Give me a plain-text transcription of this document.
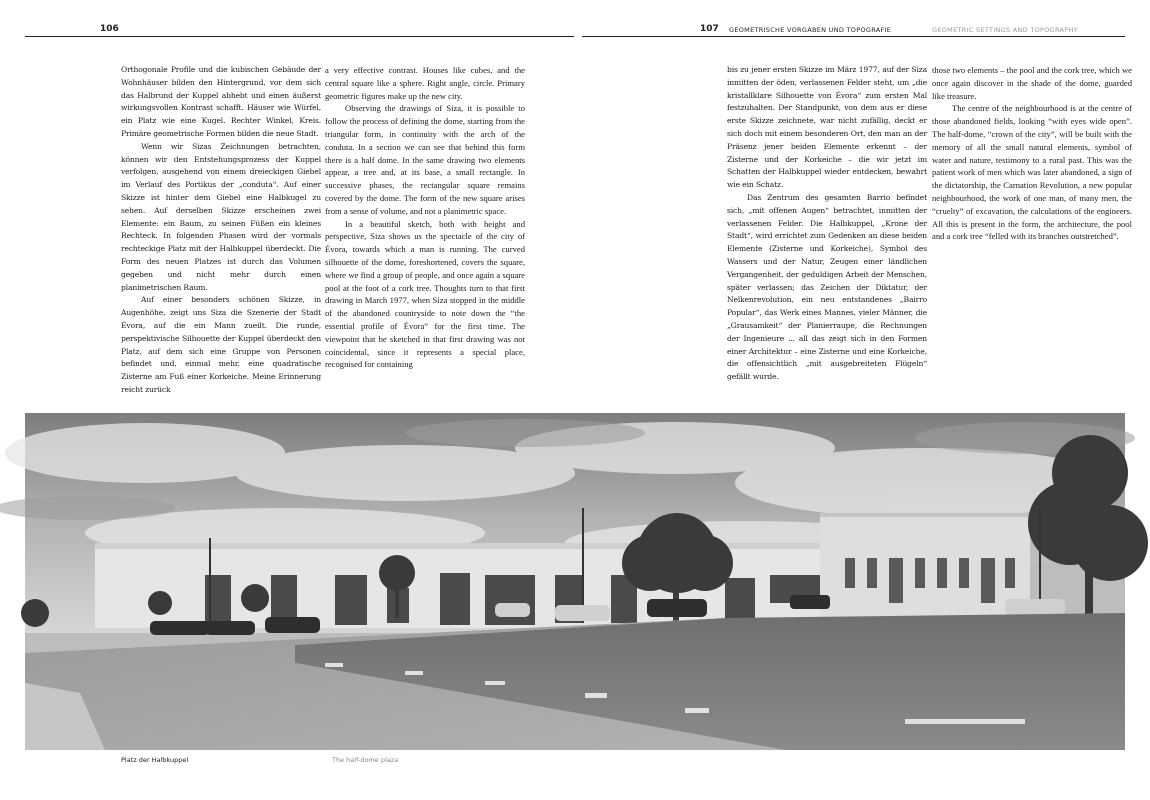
106	107 GEOMETRISCHE VORGABEN UND TOPOGRAFIE	GEOMETRIC SETTINGS AND TOPOGRAPHY

Orthogonale Profile und die kubischen Gebäude der Wohnhäuser bilden den Hintergrund, vor dem sich das Halbrund der Kuppel abhebt und einen äußerst wirkungsvollen Kontrast schafft. Häuser wie Würfel, ein Platz wie eine Kugel. Rechter Winkel, Kreis. Primäre geometrische Formen bilden die neue Stadt.

Wenn wir Sizas Zeichnungen betrachten, können wir den Entstehungsprozess der Kuppel verfolgen, ausgehend von einem dreieckigen Giebel im Verlauf des Portikus der „conduta“. Auf einer Skizze ist hinter dem Giebel eine Halbkugel zu sehen. Auf derselben Skizze erscheinen zwei Elemente: ein Baum, zu seinen Füßen ein kleines Rechteck. In folgenden Phasen wird der vormals rechteckige Platz mit der Halbkuppel überdeckt. Die Form des neuen Platzes ist durch das Volumen gegeben und nicht mehr durch einen planimetrischen Raum.

Auf einer besonders schönen Skizze, in Augenhöhe, zeigt uns Siza die Szenerie der Stadt Évora, auf die ein Mann zueilt. Die runde, perspektivische Silhouette der Kuppel überdeckt den Platz, auf dem sich eine Gruppe von Personen befindet und, einmal mehr, eine quadratische Zisterne am Fuß einer Korkeiche. Meine Erinnerung reicht zurück

a very effective contrast. Houses like cubes, and the central square like a sphere. Right angle, circle. Primary geometric figures make up the new city.

Observing the drawings of Siza, it is possible to follow the process of defining the dome, starting from the triangular form, in continuity with the arch of the conduta. In a section we can see that behind this form there is a half dome. In the same drawing two elements appear, a tree and, at its base, a small rectangle. In successive phases, the rectangular square remains covered by the dome. The form of the new square arises from a sense of volume, and not a planimetric space.

In a beautiful sketch, both with height and perspective, Siza shows us the spectacle of the city of Évora, towards which a man is running. The curved silhouette of the dome, foreshortened, covers the square, where we find a group of people, and once again a square pool at the foot of a cork tree. Thoughts turn to that first drawing in March 1977, when Siza stopped in the middle of the abandoned countryside to note down the “the essential profile of Évora” for the first time. The viewpoint that he sketched in that first drawing was not coincidental, since it represents a special place, recognised for containing

bis zu jener ersten Skizze im März 1977, auf der Siza inmitten der öden, verlassenen Felder steht, um „die kristallklare Silhouette von Évora“ zum ersten Mal festzuhalten. Der Standpunkt, von dem aus er diese erste Skizze zeichnete, war nicht zufällig, deckt er sich doch mit einem besonderen Ort, den man an der Präsenz jener beiden Elemente erkennt – der Zisterne und der Korkeiche – die wir jetzt im Schatten der Halbkuppel wieder entdecken, bewahrt wie ein Schatz.

Das Zentrum des gesamten Barrio befindet sich, „mit offenen Augen“ betrachtet, inmitten der verlassenen Felder. Die Halbkuppel, „Krone der Stadt“, wird errichtet zum Gedenken an diese beiden Elemente (Zisterne und Korkeiche), Symbol des Wassers und der Natur, Zeugen einer ländlichen Vergangenheit, der geduldigen Arbeit der Menschen, später verlassen; das Zeichen der Diktatur, der Nelkenrevolution, ein neu entstandenes „Bairro Popular“, das Werk eines Mannes, vieler Männer, die „Grausamkeit“ der Planierraupe, die Rechnungen der Ingenieure ... all das zeigt sich in den Formen einer Architektur – eine Zisterne und eine Korkeiche, die offensichtlich „mit ausgebreiteten Flügeln“ gefällt wurde.

those two elements – the pool and the cork tree, which we once again discover in the shade of the dome, guarded like treasure.

The centre of the neighbourhood is at the centre of those abandoned fields, looking “with eyes wide open”. The half-dome, “crown of the city”, will be built with the memory of all the small natural elements, symbol of water and nature, testimony to a rural past. This was the patient work of men which was later abandoned, a sign of the dictatorship, the Carnation Revolution, a new popular neighbourhood, the work of one man, of many men, the “cruelty” of excavation, the calculations of the engineers. All this is present in the form, the architecture, the pool and a cork tree “felled with its branches outstretched”.

Platz der Halbkuppel	The half-dome plaza
